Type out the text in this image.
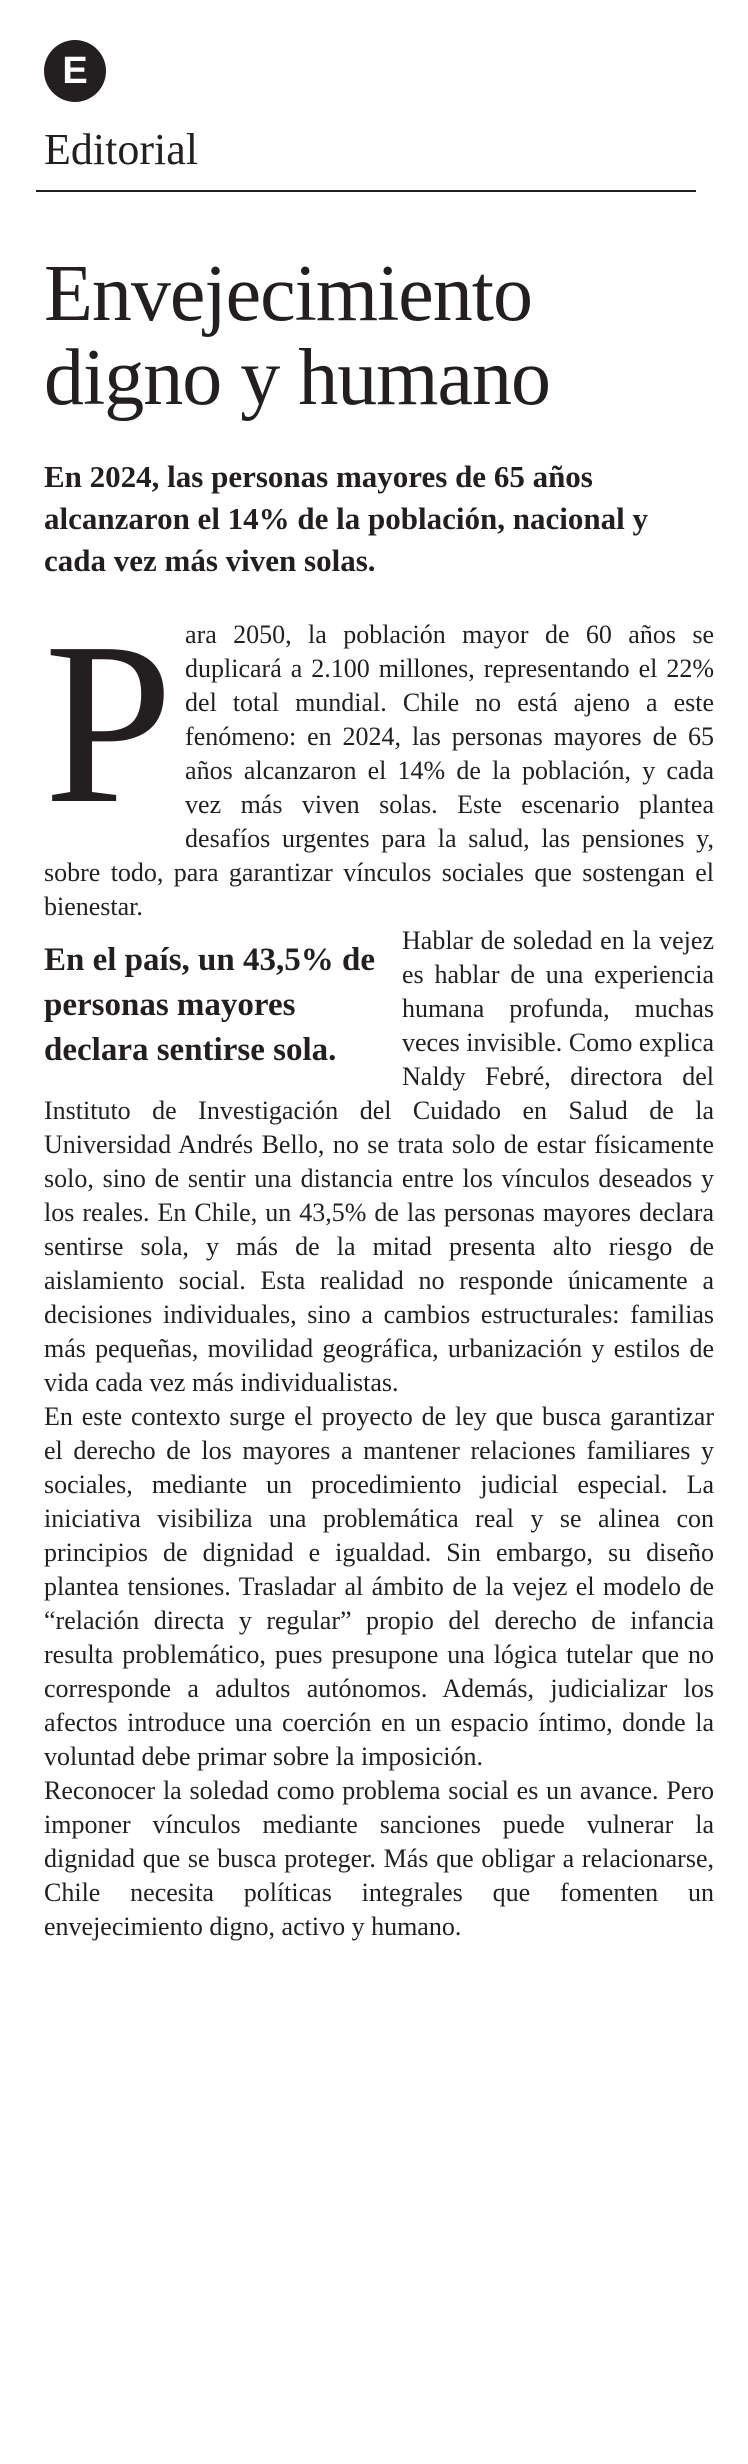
E
Editorial
Envejecimiento digno y humano
En 2024, las personas mayores de 65 años alcanzaron el 14% de la población, nacional y cada vez más viven solas.
P ara 2050, la población mayor de 60 años se duplicará a 2.100 millones, representando el 22% del total mundial. Chile no está ajeno a este fenómeno: en 2024, las personas mayores de 65 años alcanzaron el 14% de la población, y cada vez más viven solas. Este escenario plantea desafíos urgentes para la salud, las pensiones y, sobre todo, para garantizar vínculos sociales que sostengan el bienestar.

En el país, un 43,5% de personas mayores declara sentirse sola.

Hablar de soledad en la vejez es hablar de una experiencia humana profunda, muchas veces invisible. Como explica Naldy Febré, directora del Instituto de Investigación del Cuidado en Salud de la Universidad Andrés Bello, no se trata solo de estar físicamente solo, sino de sentir una distancia entre los vínculos deseados y los reales. En Chile, un 43,5% de las personas mayores declara sentirse sola, y más de la mitad presenta alto riesgo de aislamiento social. Esta realidad no responde únicamente a decisiones individuales, sino a cambios estructurales: familias más pequeñas, movilidad geográfica, urbanización y estilos de vida cada vez más individualistas.

En este contexto surge el proyecto de ley que busca garantizar el derecho de los mayores a mantener relaciones familiares y sociales, mediante un procedimiento judicial especial. La iniciativa visibiliza una problemática real y se alinea con principios de dignidad e igualdad. Sin embargo, su diseño plantea tensiones. Trasladar al ámbito de la vejez el modelo de “relación directa y regular” propio del derecho de infancia resulta problemático, pues presupone una lógica tutelar que no corresponde a adultos autónomos. Además, judicializar los afectos introduce una coerción en un espacio íntimo, donde la voluntad debe primar sobre la imposición.

Reconocer la soledad como problema social es un avance. Pero imponer vínculos mediante sanciones puede vulnerar la dignidad que se busca proteger. Más que obligar a relacionarse, Chile necesita políticas integrales que fomenten un envejecimiento digno, activo y humano.
